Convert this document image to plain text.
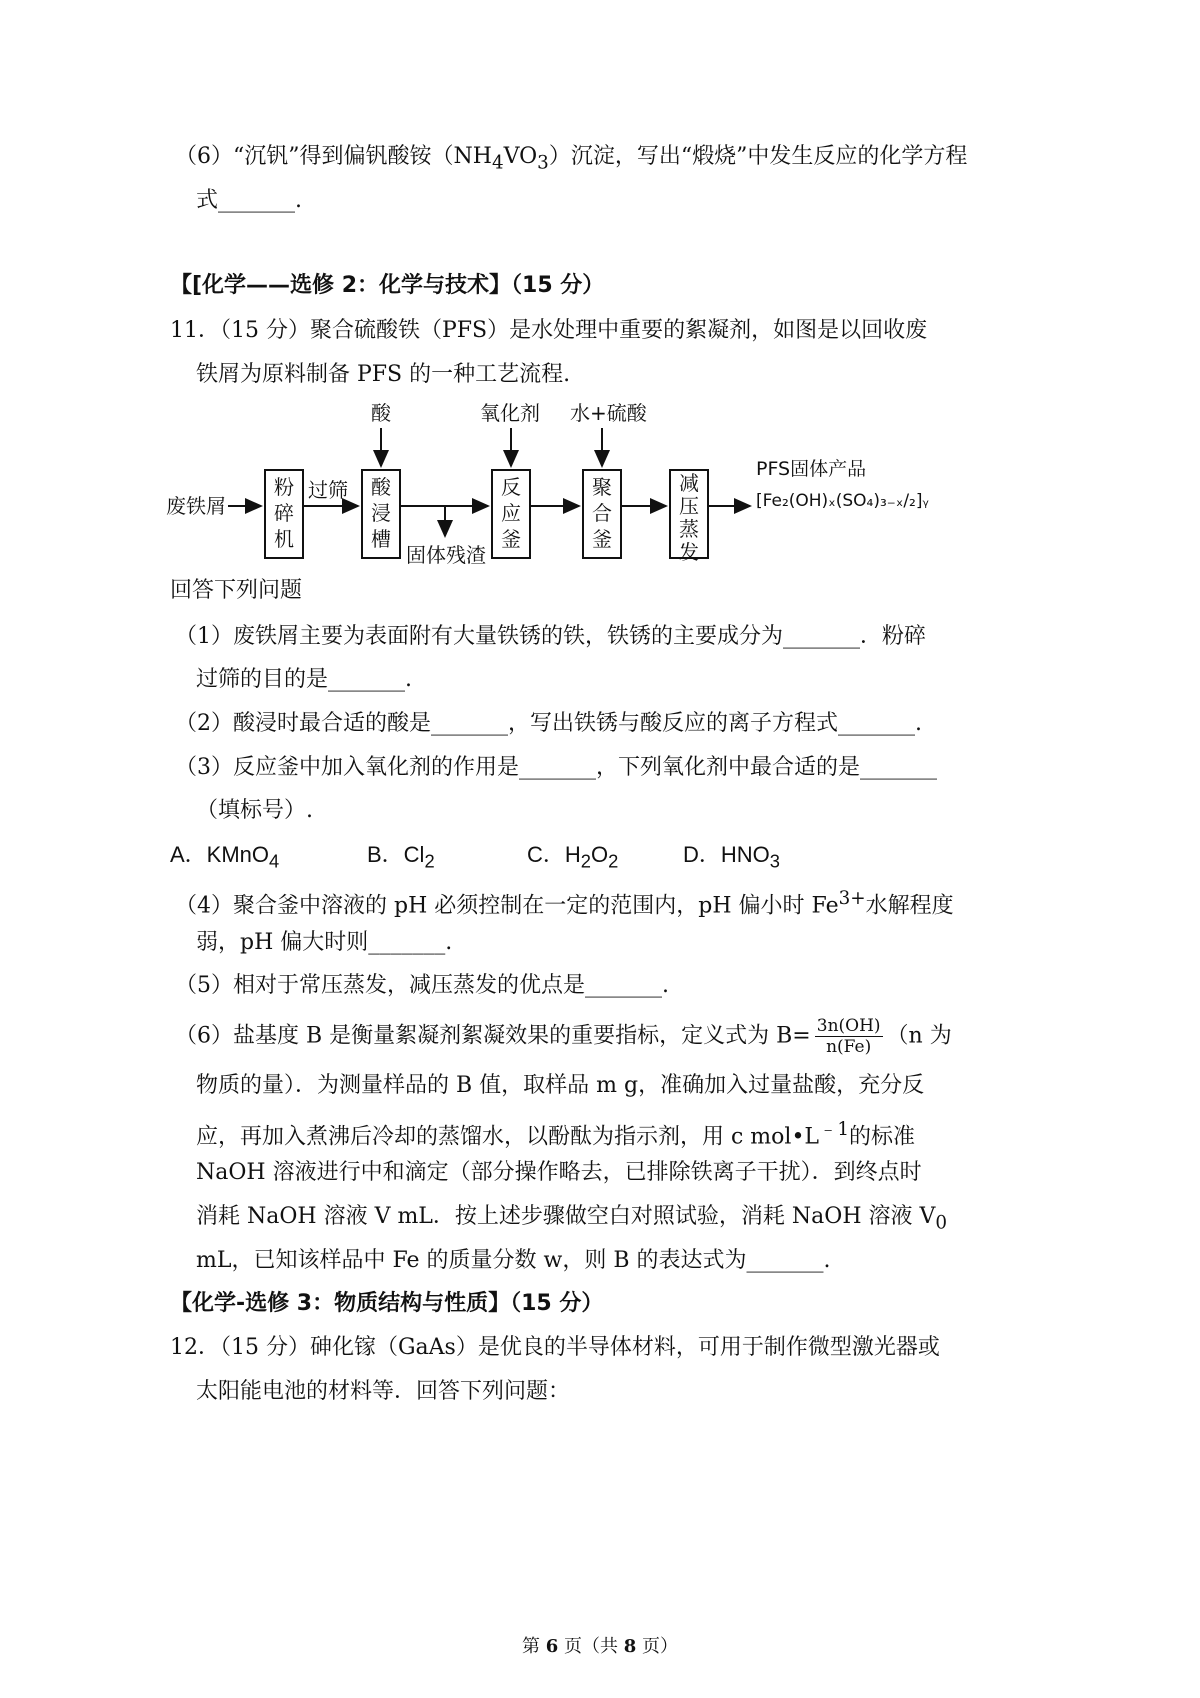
（6）“沉钒”得到偏钒酸铵$(NH_4VO_3)$沉淀，写出“煅烧”中发生反应的化学方程
式_______.
【[化学——选修 2：化学与技术】（15 分）
11．（15 分）聚合硫酸铁（PFS）是水处理中重要的絮凝剂，如图是以回收废
铁屑为原料制备 PFS 的一种工艺流程.
废铁屑
粉
碎
机
过筛
酸
酸
浸
槽
固体残渣
氧化剂
反
应
釜
水+硫酸
聚
合
釜
减
压
蒸
发
PFS固体产品
[Fe₂(OH)ₓ(SO₄)₃₋ₓ/₂]ᵧ
回答下列问题
（1）废铁屑主要为表面附有大量铁锈的铁，铁锈的主要成分为_______．粉碎
过筛的目的是_______.
（2）酸浸时最合适的酸是_______，写出铁锈与酸反应的离子方程式_______.
（3）反应釜中加入氧化剂的作用是_______，下列氧化剂中最合适的是_______
（填标号）.
A．KMnO$_4$	B．$Cl_2$	C．$H_2O_2$	D．$HNO_3$
（4）聚合釜中溶液的 pH 必须控制在一定的范围内，pH 偏小时 $Fe^{3+}$水解程度
弱，pH 偏大时则_______.
（5）相对于常压蒸发，减压蒸发的优点是_______.
（6）盐基度 B 是衡量絮凝剂絮凝效果的重要指标，定义式为 $B= \frac{3n(OH)}{n(Fe)} (n$ 为
物质的量）．为测量样品的 B 值，取样品 m g，准确加入过量盐酸，充分反
应，再加入煮沸后冷却的蒸馏水，以酚酞为指示剂，用 c $mol•L^{﹣1}$的标准
NaOH 溶液进行中和滴定（部分操作略去，已排除铁离子干扰）．到终点时
消耗 NaOH 溶液 V mL．按上述步骤做空白对照试验，消耗 NaOH 溶液 $V_0$
mL，已知该样品中 Fe 的质量分数 w，则 B 的表达式为_______.
【化学-选修 3：物质结构与性质】（15 分）
12．（15 分）砷化镓（GaAs）是优良的半导体材料，可用于制作微型激光器或
太阳能电池的材料等．回答下列问题：
第 6 页（共 8 页）
